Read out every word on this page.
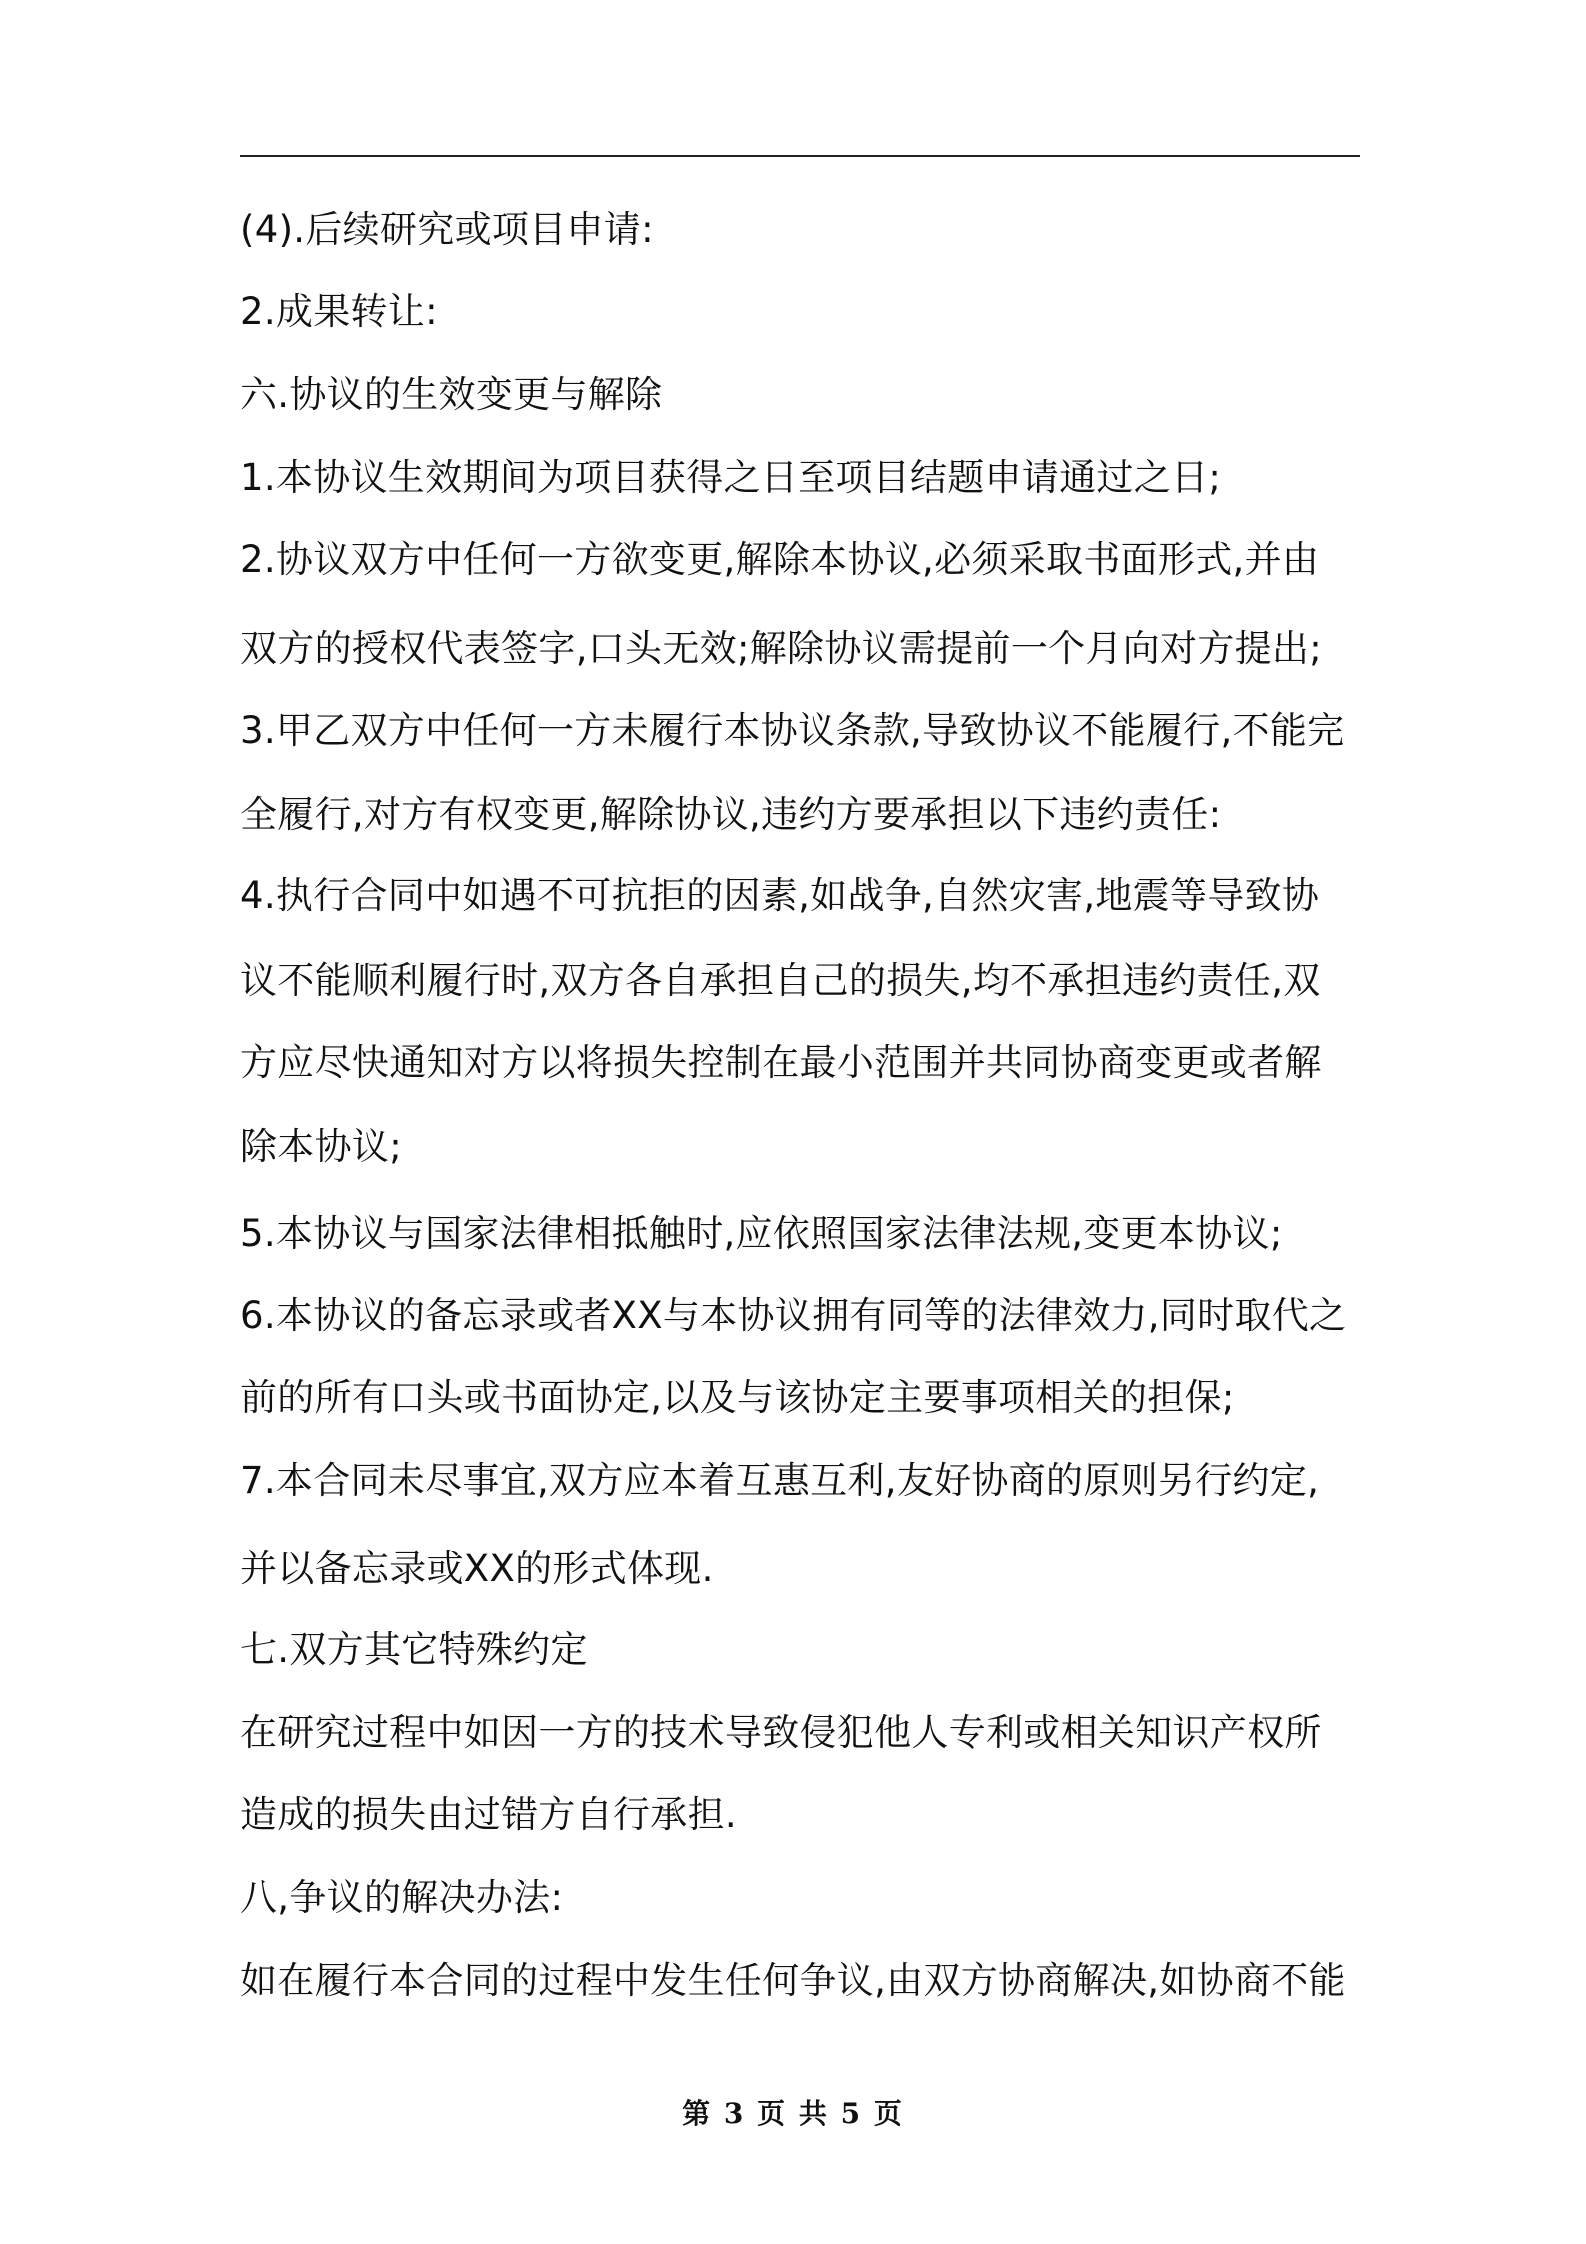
(4).后续研究或项目申请:
2.成果转让:
六.协议的生效变更与解除
1.本协议生效期间为项目获得之日至项目结题申请通过之日;
2.协议双方中任何一方欲变更,解除本协议,必须采取书面形式,并由
双方的授权代表签字,口头无效;解除协议需提前一个月向对方提出;
3.甲乙双方中任何一方未履行本协议条款,导致协议不能履行,不能完
全履行,对方有权变更,解除协议,违约方要承担以下违约责任:
4.执行合同中如遇不可抗拒的因素,如战争,自然灾害,地震等导致协
议不能顺利履行时,双方各自承担自己的损失,均不承担违约责任,双
方应尽快通知对方以将损失控制在最小范围并共同协商变更或者解
除本协议;
5.本协议与国家法律相抵触时,应依照国家法律法规,变更本协议;
6.本协议的备忘录或者XX与本协议拥有同等的法律效力,同时取代之
前的所有口头或书面协定,以及与该协定主要事项相关的担保;
7.本合同未尽事宜,双方应本着互惠互利,友好协商的原则另行约定,
并以备忘录或XX的形式体现.
七.双方其它特殊约定
在研究过程中如因一方的技术导致侵犯他人专利或相关知识产权所
造成的损失由过错方自行承担.
八,争议的解决办法:
如在履行本合同的过程中发生任何争议,由双方协商解决,如协商不能
第 3 页 共 5 页
